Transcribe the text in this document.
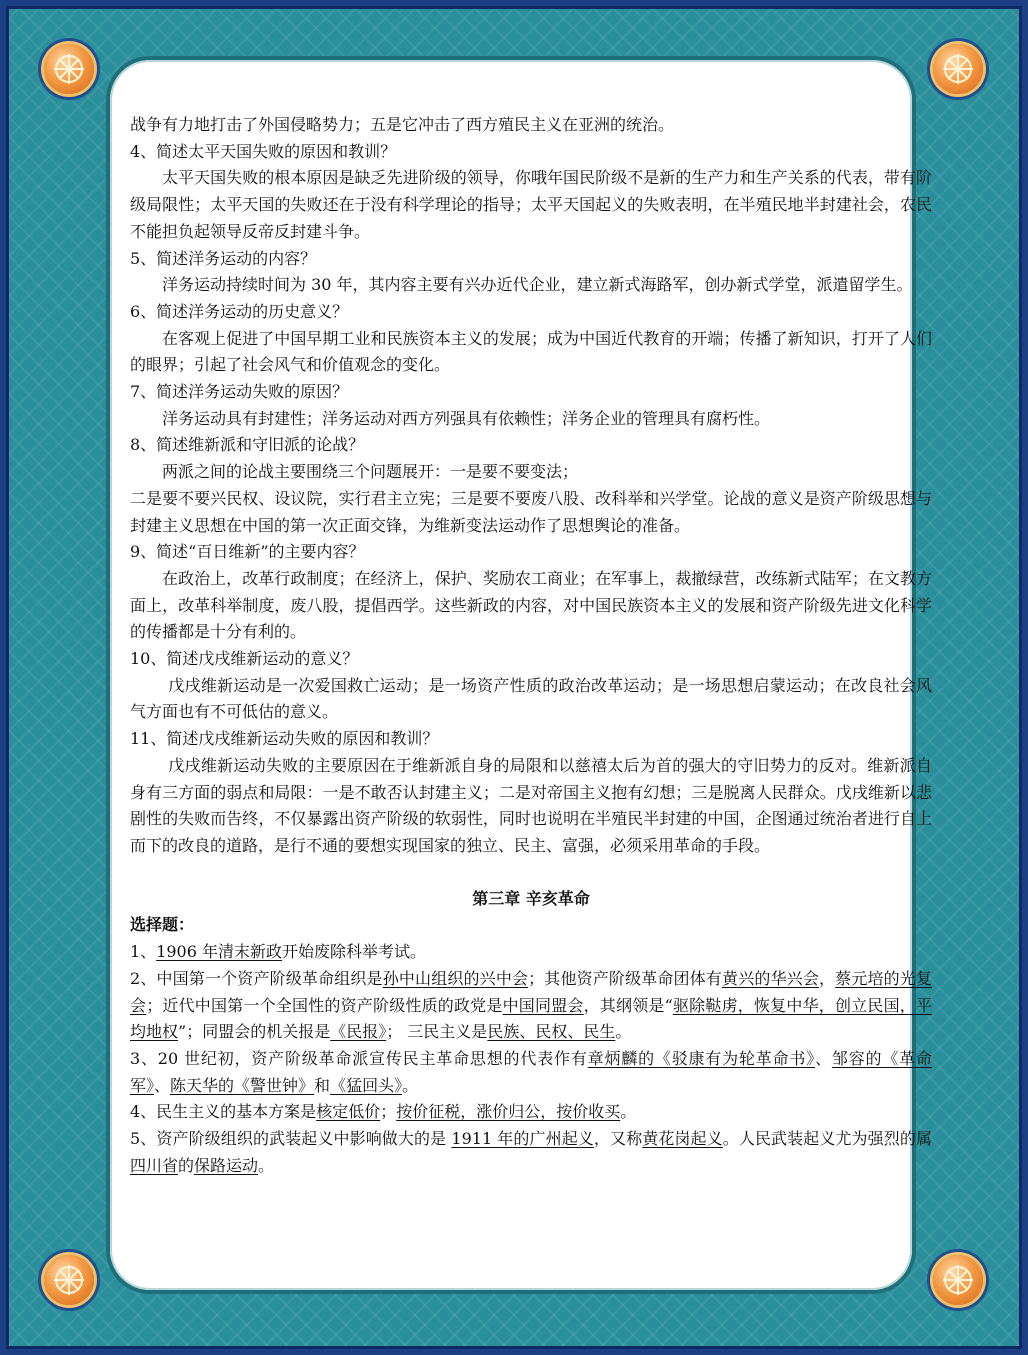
战争有力地打击了外国侵略势力；五是它冲击了西方殖民主义在亚洲的统治。

4、简述太平天国失败的原因和教训？

太平天国失败的根本原因是缺乏先进阶级的领导，你哦年国民阶级不是新的生产力和生产关系的代表，带有阶级局限性；太平天国的失败还在于没有科学理论的指导；太平天国起义的失败表明，在半殖民地半封建社会，农民不能担负起领导反帝反封建斗争。

5、简述洋务运动的内容？

洋务运动持续时间为 30 年，其内容主要有兴办近代企业，建立新式海路军，创办新式学堂，派遣留学生。

6、简述洋务运动的历史意义？

在客观上促进了中国早期工业和民族资本主义的发展；成为中国近代教育的开端；传播了新知识，打开了人们的眼界；引起了社会风气和价值观念的变化。

7、简述洋务运动失败的原因？

洋务运动具有封建性；洋务运动对西方列强具有依赖性；洋务企业的管理具有腐朽性。

8、简述维新派和守旧派的论战？

两派之间的论战主要围绕三个问题展开：一是要不要变法；

二是要不要兴民权、设议院，实行君主立宪；三是要不要废八股、改科举和兴学堂。论战的意义是资产阶级思想与封建主义思想在中国的第一次正面交锋，为维新变法运动作了思想舆论的准备。

9、简述“百日维新”的主要内容？

在政治上，改革行政制度；在经济上，保护、奖励农工商业；在军事上，裁撤绿营，改练新式陆军；在文教方面上，改革科举制度，废八股，提倡西学。这些新政的内容，对中国民族资本主义的发展和资产阶级先进文化科学的传播都是十分有利的。

10、简述戊戌维新运动的意义？

戊戌维新运动是一次爱国救亡运动；是一场资产性质的政治改革运动；是一场思想启蒙运动；在改良社会风气方面也有不可低估的意义。

11、简述戊戌维新运动失败的原因和教训？

戊戌维新运动失败的主要原因在于维新派自身的局限和以慈禧太后为首的强大的守旧势力的反对。维新派自身有三方面的弱点和局限：一是不敢否认封建主义；二是对帝国主义抱有幻想；三是脱离人民群众。戊戌维新以悲剧性的失败而告终，不仅暴露出资产阶级的软弱性，同时也说明在半殖民半封建的中国，企图通过统治者进行自上而下的改良的道路，是行不通的要想实现国家的独立、民主、富强，必须采用革命的手段。

第三章 辛亥革命

选择题：

1、1906 年清末新政开始废除科举考试。

2、中国第一个资产阶级革命组织是孙中山组织的兴中会；其他资产阶级革命团体有黄兴的华兴会，蔡元培的光复会；近代中国第一个全国性的资产阶级性质的政党是中国同盟会，其纲领是“驱除鞑虏，恢复中华，创立民国，平均地权”；同盟会的机关报是《民报》； 三民主义是民族、民权、民生。

3、20 世纪初，资产阶级革命派宣传民主革命思想的代表作有章炳麟的《驳康有为轮革命书》、邹容的《革命军》、陈天华的《警世钟》和《猛回头》。

4、民生主义的基本方案是核定低价；按价征税，涨价归公，按价收买。

5、资产阶级组织的武装起义中影响做大的是 1911 年的广州起义，又称黄花岗起义。人民武装起义尤为强烈的属四川省的保路运动。
